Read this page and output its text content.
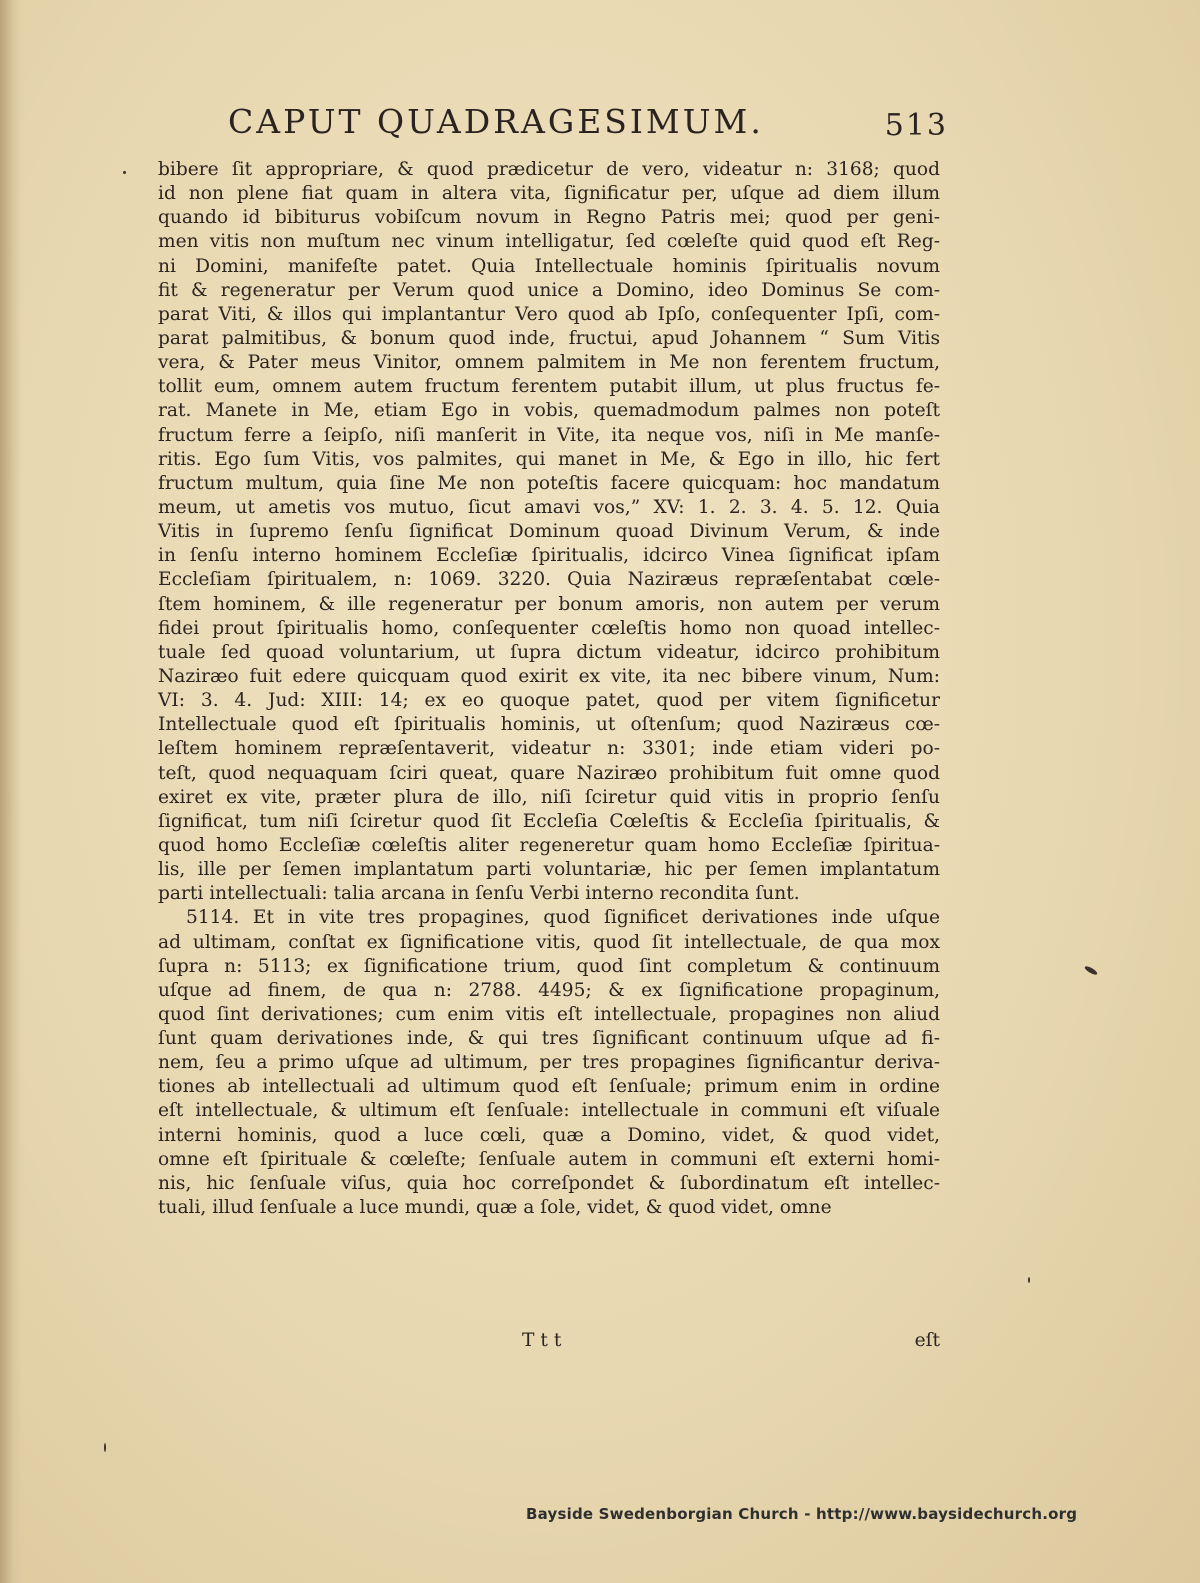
CAPUT QUADRAGESIMUM.	513
bibere ſit appropriare, & quod prædicetur de vero, videatur n: 3168; quod
id non plene fiat quam in altera vita, ſignificatur per, uſque ad diem illum
quando id bibiturus vobiſcum novum in Regno Patris mei; quod per geni-
men vitis non muſtum nec vinum intelligatur, ſed cœleſte quid quod eſt Reg-
ni Domini, manifeſte patet. Quia Intellectuale hominis ſpiritualis novum
fit & regeneratur per Verum quod unice a Domino, ideo Dominus Se com-
parat Viti, & illos qui implantantur Vero quod ab Ipſo, conſequenter Ipſi, com-
parat palmitibus, & bonum quod inde, fructui, apud Johannem “ Sum Vitis
vera, & Pater meus Vinitor, omnem palmitem in Me non ferentem fructum,
tollit eum, omnem autem fructum ferentem putabit illum, ut plus fructus fe-
rat. Manete in Me, etiam Ego in vobis, quemadmodum palmes non poteſt
fructum ferre a ſeipſo, niſi manſerit in Vite, ita neque vos, niſi in Me manſe-
ritis. Ego ſum Vitis, vos palmites, qui manet in Me, & Ego in illo, hic fert
fructum multum, quia ſine Me non poteſtis facere quicquam: hoc mandatum
meum, ut ametis vos mutuo, ſicut amavi vos,” XV: 1. 2. 3. 4. 5. 12. Quia
Vitis in ſupremo ſenſu ſignificat Dominum quoad Divinum Verum, & inde
in ſenſu interno hominem Eccleſiæ ſpiritualis, idcirco Vinea ſignificat ipſam
Eccleſiam ſpiritualem, n: 1069. 3220. Quia Naziræus repræſentabat cœle-
ſtem hominem, & ille regeneratur per bonum amoris, non autem per verum
fidei prout ſpiritualis homo, conſequenter cœleſtis homo non quoad intellec-
tuale ſed quoad voluntarium, ut ſupra dictum videatur, idcirco prohibitum
Naziræo fuit edere quicquam quod exirit ex vite, ita nec bibere vinum, Num:
VI: 3. 4. Jud: XIII: 14; ex eo quoque patet, quod per vitem ſignificetur
Intellectuale quod eſt ſpiritualis hominis, ut oſtenſum; quod Naziræus cœ-
leſtem hominem repræſentaverit, videatur n: 3301; inde etiam videri po-
teſt, quod nequaquam ſciri queat, quare Naziræo prohibitum fuit omne quod
exiret ex vite, præter plura de illo, niſi ſciretur quid vitis in proprio ſenſu
ſignificat, tum niſi ſciretur quod ſit Eccleſia Cœleſtis & Eccleſia ſpiritualis, &
quod homo Eccleſiæ cœleſtis aliter regeneretur quam homo Eccleſiæ ſpiritua-
lis, ille per ſemen implantatum parti voluntariæ, hic per ſemen implantatum
parti intellectuali: talia arcana in ſenſu Verbi interno recondita ſunt.
5114. Et in vite tres propagines, quod ſignificet derivationes inde uſque
ad ultimam, conſtat ex ſignificatione vitis, quod ſit intellectuale, de qua mox
ſupra n: 5113; ex ſignificatione trium, quod ſint completum & continuum
uſque ad finem, de qua n: 2788. 4495; & ex ſignificatione propaginum,
quod ſint derivationes; cum enim vitis eſt intellectuale, propagines non aliud
ſunt quam derivationes inde, & qui tres ſignificant continuum uſque ad fi-
nem, ſeu a primo uſque ad ultimum, per tres propagines ſignificantur deriva-
tiones ab intellectuali ad ultimum quod eſt ſenſuale; primum enim in ordine
eſt intellectuale, & ultimum eſt ſenſuale: intellectuale in communi eſt viſuale
interni hominis, quod a luce cœli, quæ a Domino, videt, & quod videt,
omne eſt ſpirituale & cœleſte; ſenſuale autem in communi eſt externi homi-
nis, hic ſenſuale viſus, quia hoc correſpondet & ſubordinatum eſt intellec-
tuali, illud ſenſuale a luce mundi, quæ a ſole, videt, & quod videt, omne
Ttt	eſt
Bayside Swedenborgian Church - http://www.baysidechurch.org
